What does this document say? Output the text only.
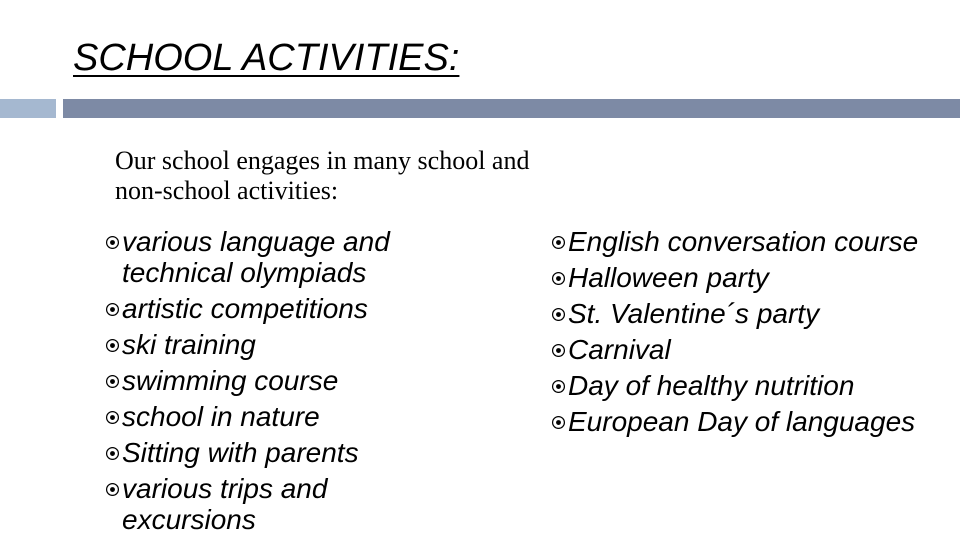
SCHOOL ACTIVITIES:

Our school engages in many school and
non-school activities:

various language and technical olympiads
artistic competitions
ski training
swimming course
school in nature
Sitting with parents
various trips and excursions
English conversation course
Halloween party
St. Valentine´s party
Carnival
Day of healthy nutrition
European Day of languages
